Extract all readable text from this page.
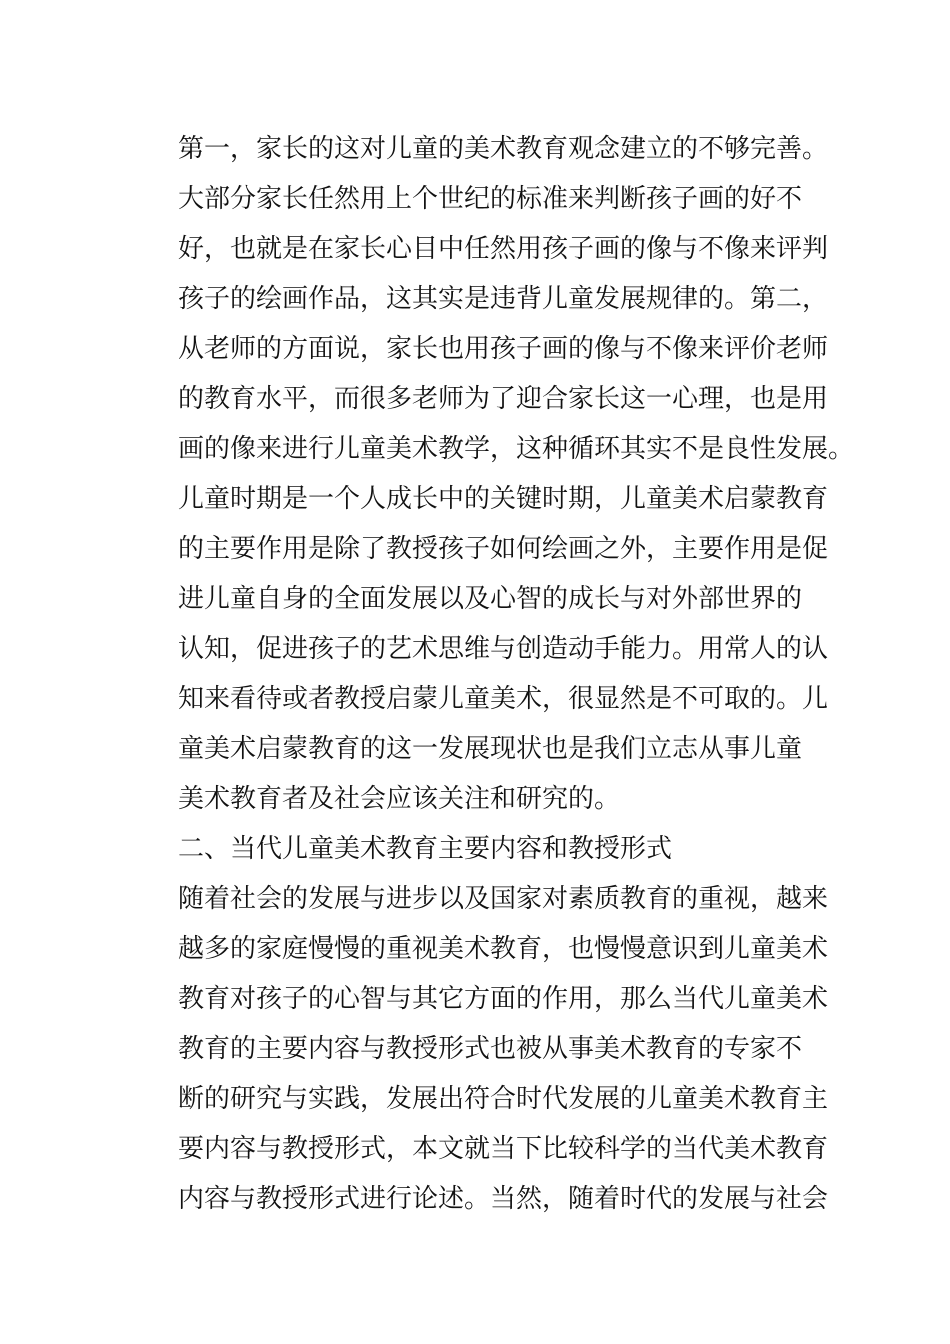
第一，家长的这对儿童的美术教育观念建立的不够完善。
大部分家长任然用上个世纪的标准来判断孩子画的好不
好，也就是在家长心目中任然用孩子画的像与不像来评判
孩子的绘画作品，这其实是违背儿童发展规律的。第二，
从老师的方面说，家长也用孩子画的像与不像来评价老师
的教育水平，而很多老师为了迎合家长这一心理，也是用
画的像来进行儿童美术教学，这种循环其实不是良性发展。
儿童时期是一个人成长中的关键时期，儿童美术启蒙教育
的主要作用是除了教授孩子如何绘画之外，主要作用是促
进儿童自身的全面发展以及心智的成长与对外部世界的
认知，促进孩子的艺术思维与创造动手能力。用常人的认
知来看待或者教授启蒙儿童美术，很显然是不可取的。儿
童美术启蒙教育的这一发展现状也是我们立志从事儿童
美术教育者及社会应该关注和研究的。
二、当代儿童美术教育主要内容和教授形式
随着社会的发展与进步以及国家对素质教育的重视，越来
越多的家庭慢慢的重视美术教育，也慢慢意识到儿童美术
教育对孩子的心智与其它方面的作用，那么当代儿童美术
教育的主要内容与教授形式也被从事美术教育的专家不
断的研究与实践，发展出符合时代发展的儿童美术教育主
要内容与教授形式，本文就当下比较科学的当代美术教育
内容与教授形式进行论述。当然，随着时代的发展与社会
